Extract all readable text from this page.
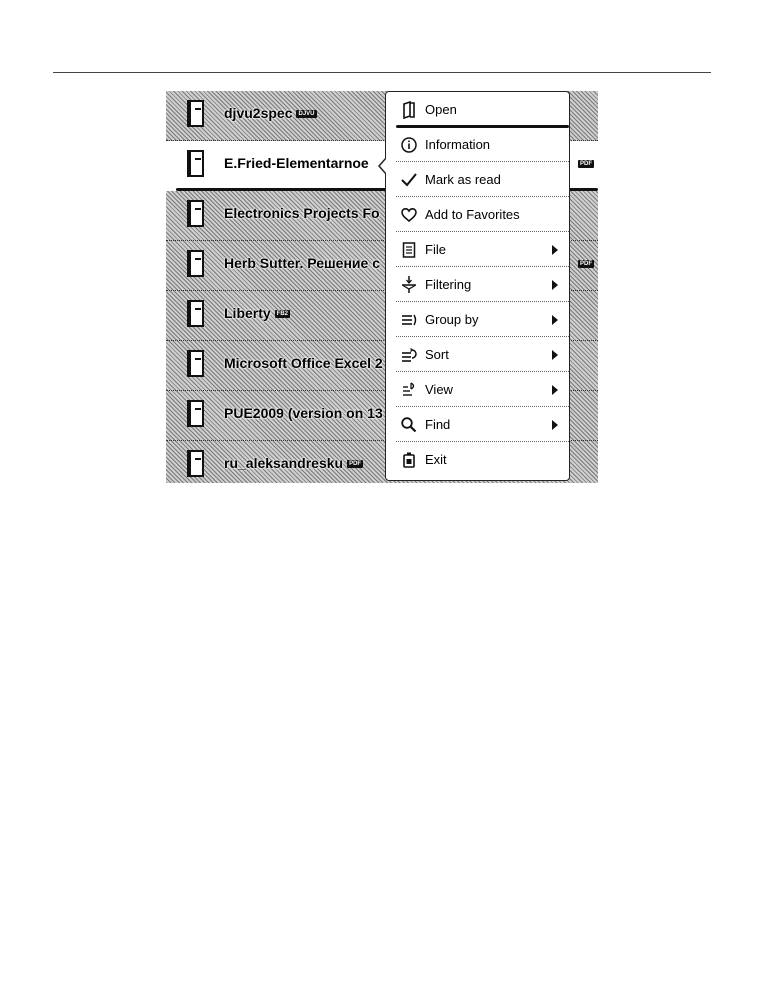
djvu2spec DJVU
E.Fried-Elementarnoe	PDF
Electronics Projects Fo
Herb Sutter. Решение с	PDF
Liberty FB2
Microsoft Office Excel 2
PUE2009 (version on 13
ru_aleksandresku PDF
Open
Information
Mark as read
Add to Favorites
File
Filtering
Group by
Sort
View
Find
Exit
